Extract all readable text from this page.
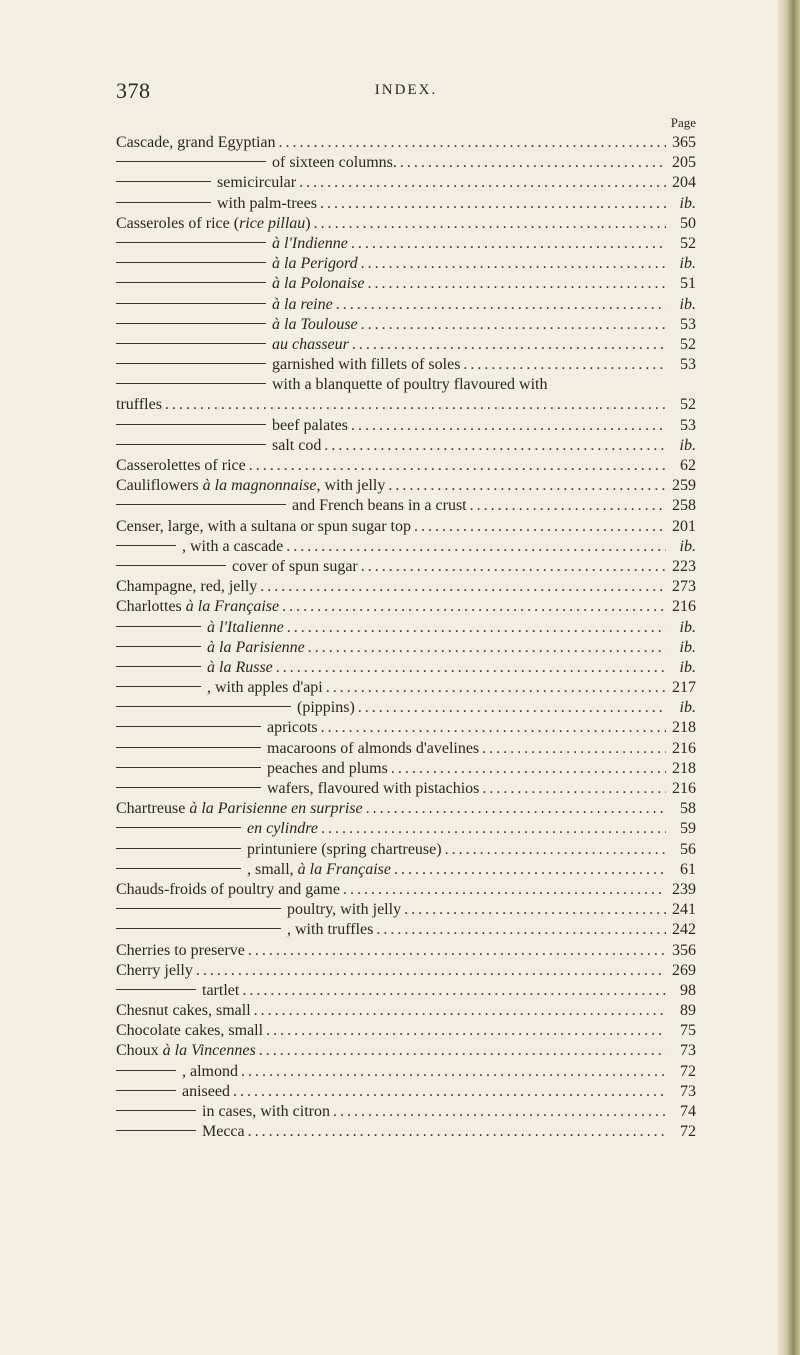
378	INDEX.
Page
Cascade, grand Egyptian . . .	365
of sixteen columns. . . .	205
semicircular . . .	204
with palm-trees . . .	ib.
Casseroles of rice (rice pillau) . . .	50
à l'Indienne . . .	52
à la Perigord . . .	ib.
à la Polonaise . . .	51
à la reine . . .	ib.
à la Toulouse . . .	53
au chasseur . . .	52
garnished with fillets of soles . . .	53
with a blanquette of poultry flavoured with
truffles . . .	52
beef palates . . .	53
salt cod . . .	ib.
Casserolettes of rice . . .	62
Cauliflowers à la magnonnaise, with jelly . . .	259
and French beans in a crust . . .	258
Censer, large, with a sultana or spun sugar top . . .	201
, with a cascade . . .	ib.
cover of spun sugar . . .	223
Champagne, red, jelly . . .	273
Charlottes à la Française . . .	216
à l'Italienne . . .	ib.
à la Parisienne . . .	ib.
à la Russe . . .	ib.
, with apples d'api . . .	217
(pippins) . . .	ib.
apricots . . .	218
macaroons of almonds d'avelines . . .	216
peaches and plums . . .	218
wafers, flavoured with pistachios . . .	216
Chartreuse à la Parisienne en surprise . . .	58
en cylindre . . .	59
printuniere (spring chartreuse) . . .	56
, small, à la Française . . .	61
Chauds-froids of poultry and game . . .	239
poultry, with jelly . . .	241
, with truffles . . .	242
Cherries to preserve . . .	356
Cherry jelly . . .	269
tartlet . . .	98
Chesnut cakes, small . . .	89
Chocolate cakes, small . . .	75
Choux à la Vincennes . . .	73
, almond . . .	72
aniseed . . .	73
in cases, with citron . . .	74
Mecca . . .	72
